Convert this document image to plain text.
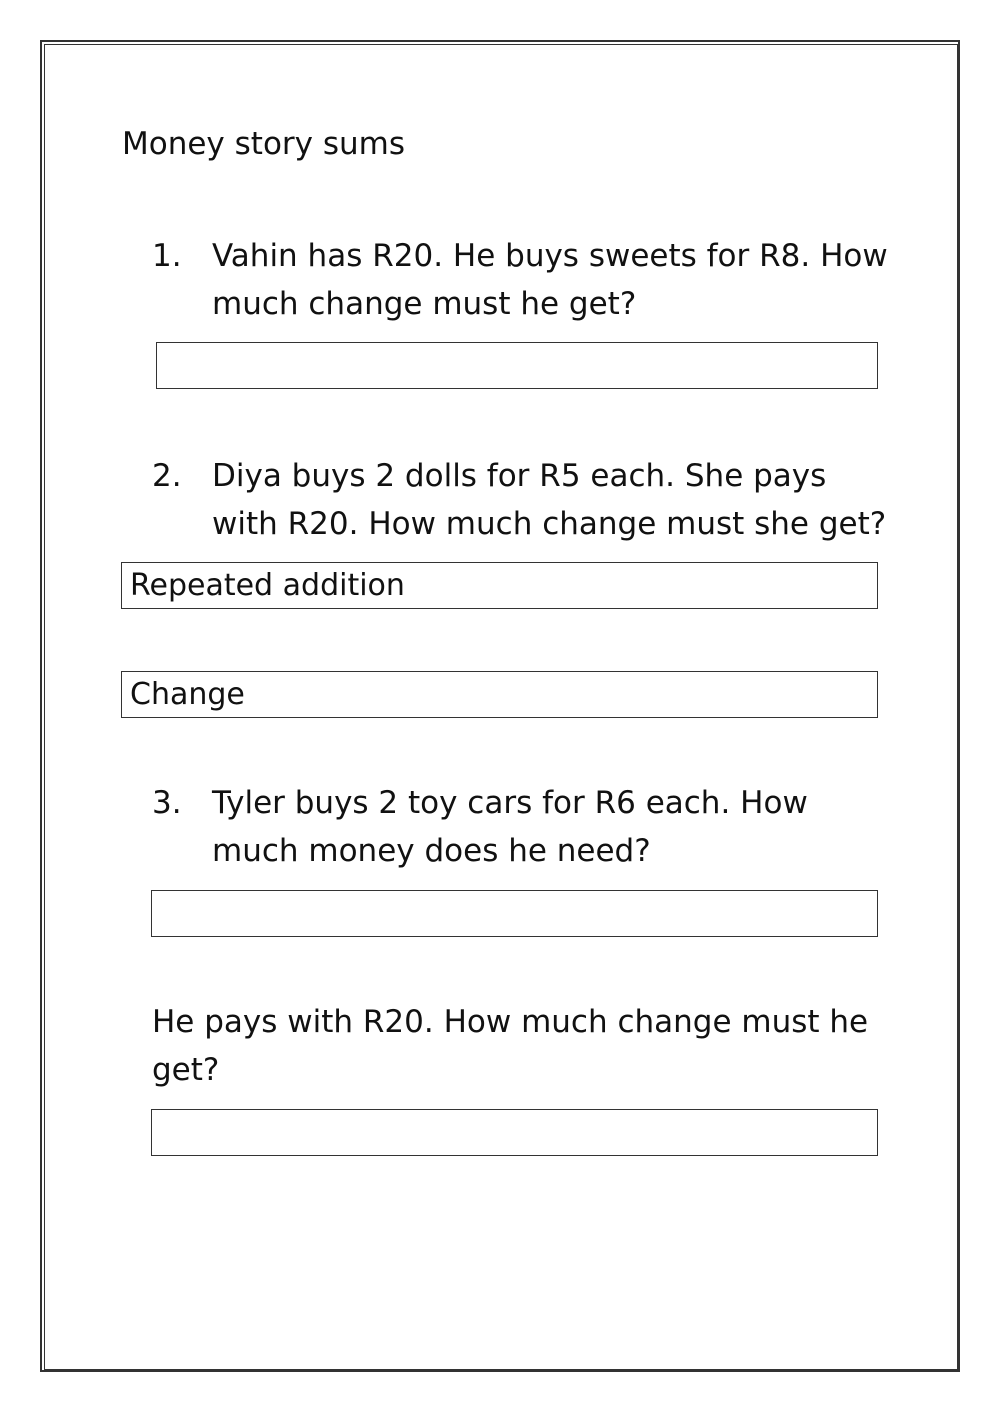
Money story sums
1. Vahin has R20. He buys sweets for R8. How much change must he get?
2. Diya buys 2 dolls for R5 each. She pays with R20. How much change must she get?
Repeated addition
Change
3. Tyler buys 2 toy cars for R6 each. How much money does he need?
He pays with R20. How much change must he get?
